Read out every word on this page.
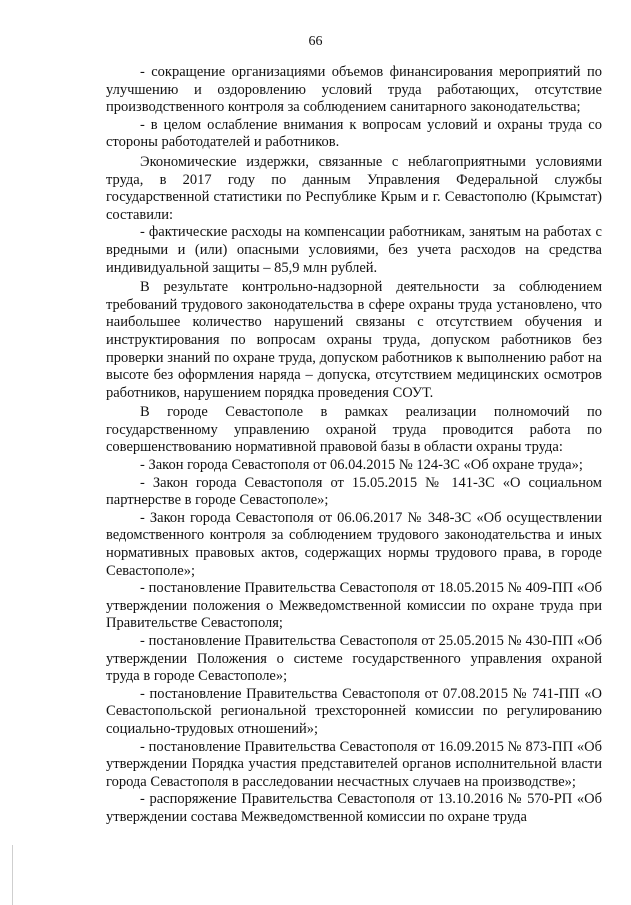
66

- сокращение организациями объемов финансирования мероприятий по улучшению и оздоровлению условий труда работающих, отсутствие производственного контроля за соблюдением санитарного законодательства;

- в целом ослабление внимания к вопросам условий и охраны труда со стороны работодателей и работников.

Экономические издержки, связанные с неблагоприятными условиями труда, в 2017 году по данным Управления Федеральной службы государственной статистики по Республике Крым и г. Севастополю (Крымстат) составили:

- фактические расходы на компенсации работникам, занятым на работах с вредными и (или) опасными условиями, без учета расходов на средства индивидуальной защиты – 85,9 млн рублей.

В результате контрольно-надзорной деятельности за соблюдением требований трудового законодательства в сфере охраны труда установлено, что наибольшее количество нарушений связаны с отсутствием обучения и инструктирования по вопросам охраны труда, допуском работников без проверки знаний по охране труда, допуском работников к выполнению работ на высоте без оформления наряда – допуска, отсутствием медицинских осмотров работников, нарушением порядка проведения СОУТ.

В городе Севастополе в рамках реализации полномочий по государственному управлению охраной труда проводится работа по совершенствованию нормативной правовой базы в области охраны труда:

- Закон города Севастополя от 06.04.2015 № 124-ЗС «Об охране труда»;

- Закон города Севастополя от 15.05.2015 № 141-ЗС «О социальном партнерстве в городе Севастополе»;

- Закон города Севастополя от 06.06.2017 № 348-ЗС «Об осуществлении ведомственного контроля за соблюдением трудового законодательства и иных нормативных правовых актов, содержащих нормы трудового права, в городе Севастополе»;

- постановление Правительства Севастополя от 18.05.2015 № 409-ПП «Об утверждении положения о Межведомственной комиссии по охране труда при Правительстве Севастополя;

- постановление Правительства Севастополя от 25.05.2015 № 430-ПП «Об утверждении Положения о системе государственного управления охраной труда в городе Севастополе»;

- постановление Правительства Севастополя от 07.08.2015 № 741-ПП «О Севастопольской региональной трехсторонней комиссии по регулированию социально-трудовых отношений»;

- постановление Правительства Севастополя от 16.09.2015 № 873-ПП «Об утверждении Порядка участия представителей органов исполнительной власти города Севастополя в расследовании несчастных случаев на производстве»;

- распоряжение Правительства Севастополя от 13.10.2016 № 570-РП «Об утверждении состава Межведомственной комиссии по охране труда
